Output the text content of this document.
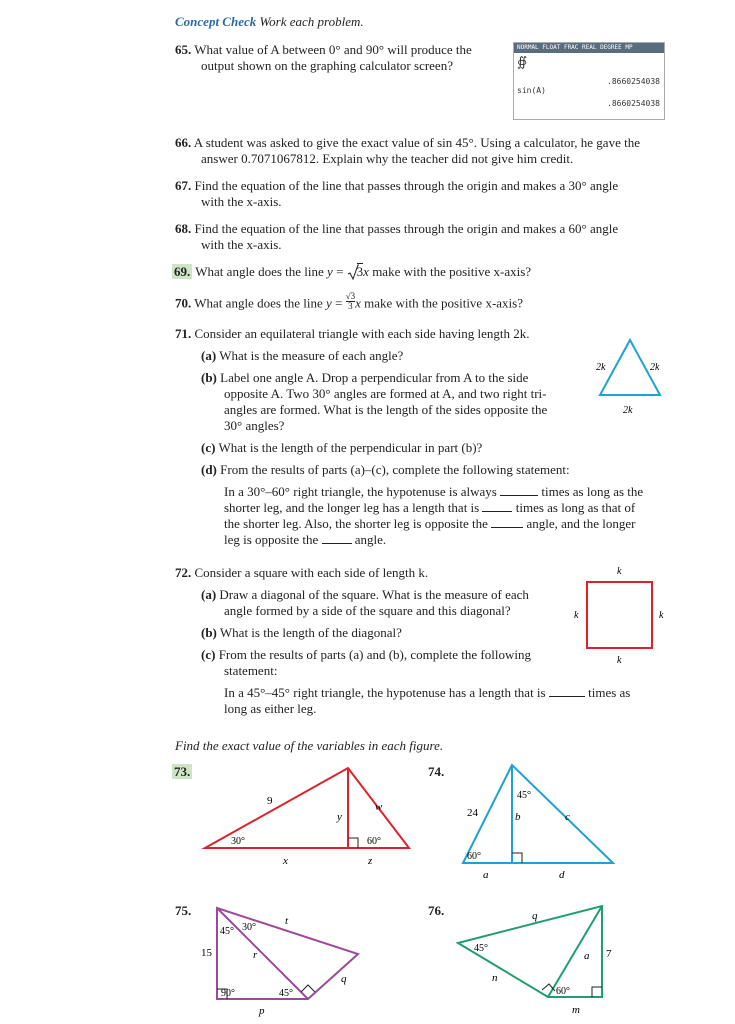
Concept Check Work each problem.
65. What value of A between 0° and 90° will produce the
output shown on the graphing calculator screen?
NORMAL FLOAT FRAC REAL DEGREE MP
∯
sin(A)
.8660254038
.8660254038
66. A student was asked to give the exact value of sin 45°. Using a calculator, he gave the
answer 0.7071067812. Explain why the teacher did not give him credit.
67. Find the equation of the line that passes through the origin and makes a 30° angle
with the x-axis.
68. Find the equation of the line that passes through the origin and makes a 60° angle
with the x-axis.
69. What angle does the line y =
3x make with the positive x-axis?
70. What angle does the line $y = \frac{√3}{3}$ x make with the positive x-axis?
71. Consider an equilateral triangle with each side having length 2k.
(a) What is the measure of each angle?
(b) Label one angle A. Drop a perpendicular from A to the side
opposite A. Two 30° angles are formed at A, and two right tri-
angles are formed. What is the length of the sides opposite the
30° angles?
(c) What is the length of the perpendicular in part (b)?
(d) From the results of parts (a)–(c), complete the following statement:
In a 30°–60° right triangle, the hypotenuse is always	times as long as the
shorter leg, and the longer leg has a length that is	times as long as that of
the shorter leg. Also, the shorter leg is opposite the	angle, and the longer
leg is opposite the	angle.
2k	2k
2k
72. Consider a square with each side of length k.
(a) Draw a diagonal of the square. What is the measure of each
angle formed by a side of the square and this diagonal?
(b) What is the length of the diagonal?
(c) From the results of parts (a) and (b), complete the following
statement:
In a 45°–45° right triangle, the hypotenuse has a length that is	times as
long as either leg.
k
k	k
k
Find the exact value of the variables in each figure.
73.
9	w
y
30°	60°
x	z
74.
45°
24	b	c
60°
a	d
75.
45° 30°
t
15	r
q
90°	45°
p
76.	q
45°
a 7
n
60°
m
